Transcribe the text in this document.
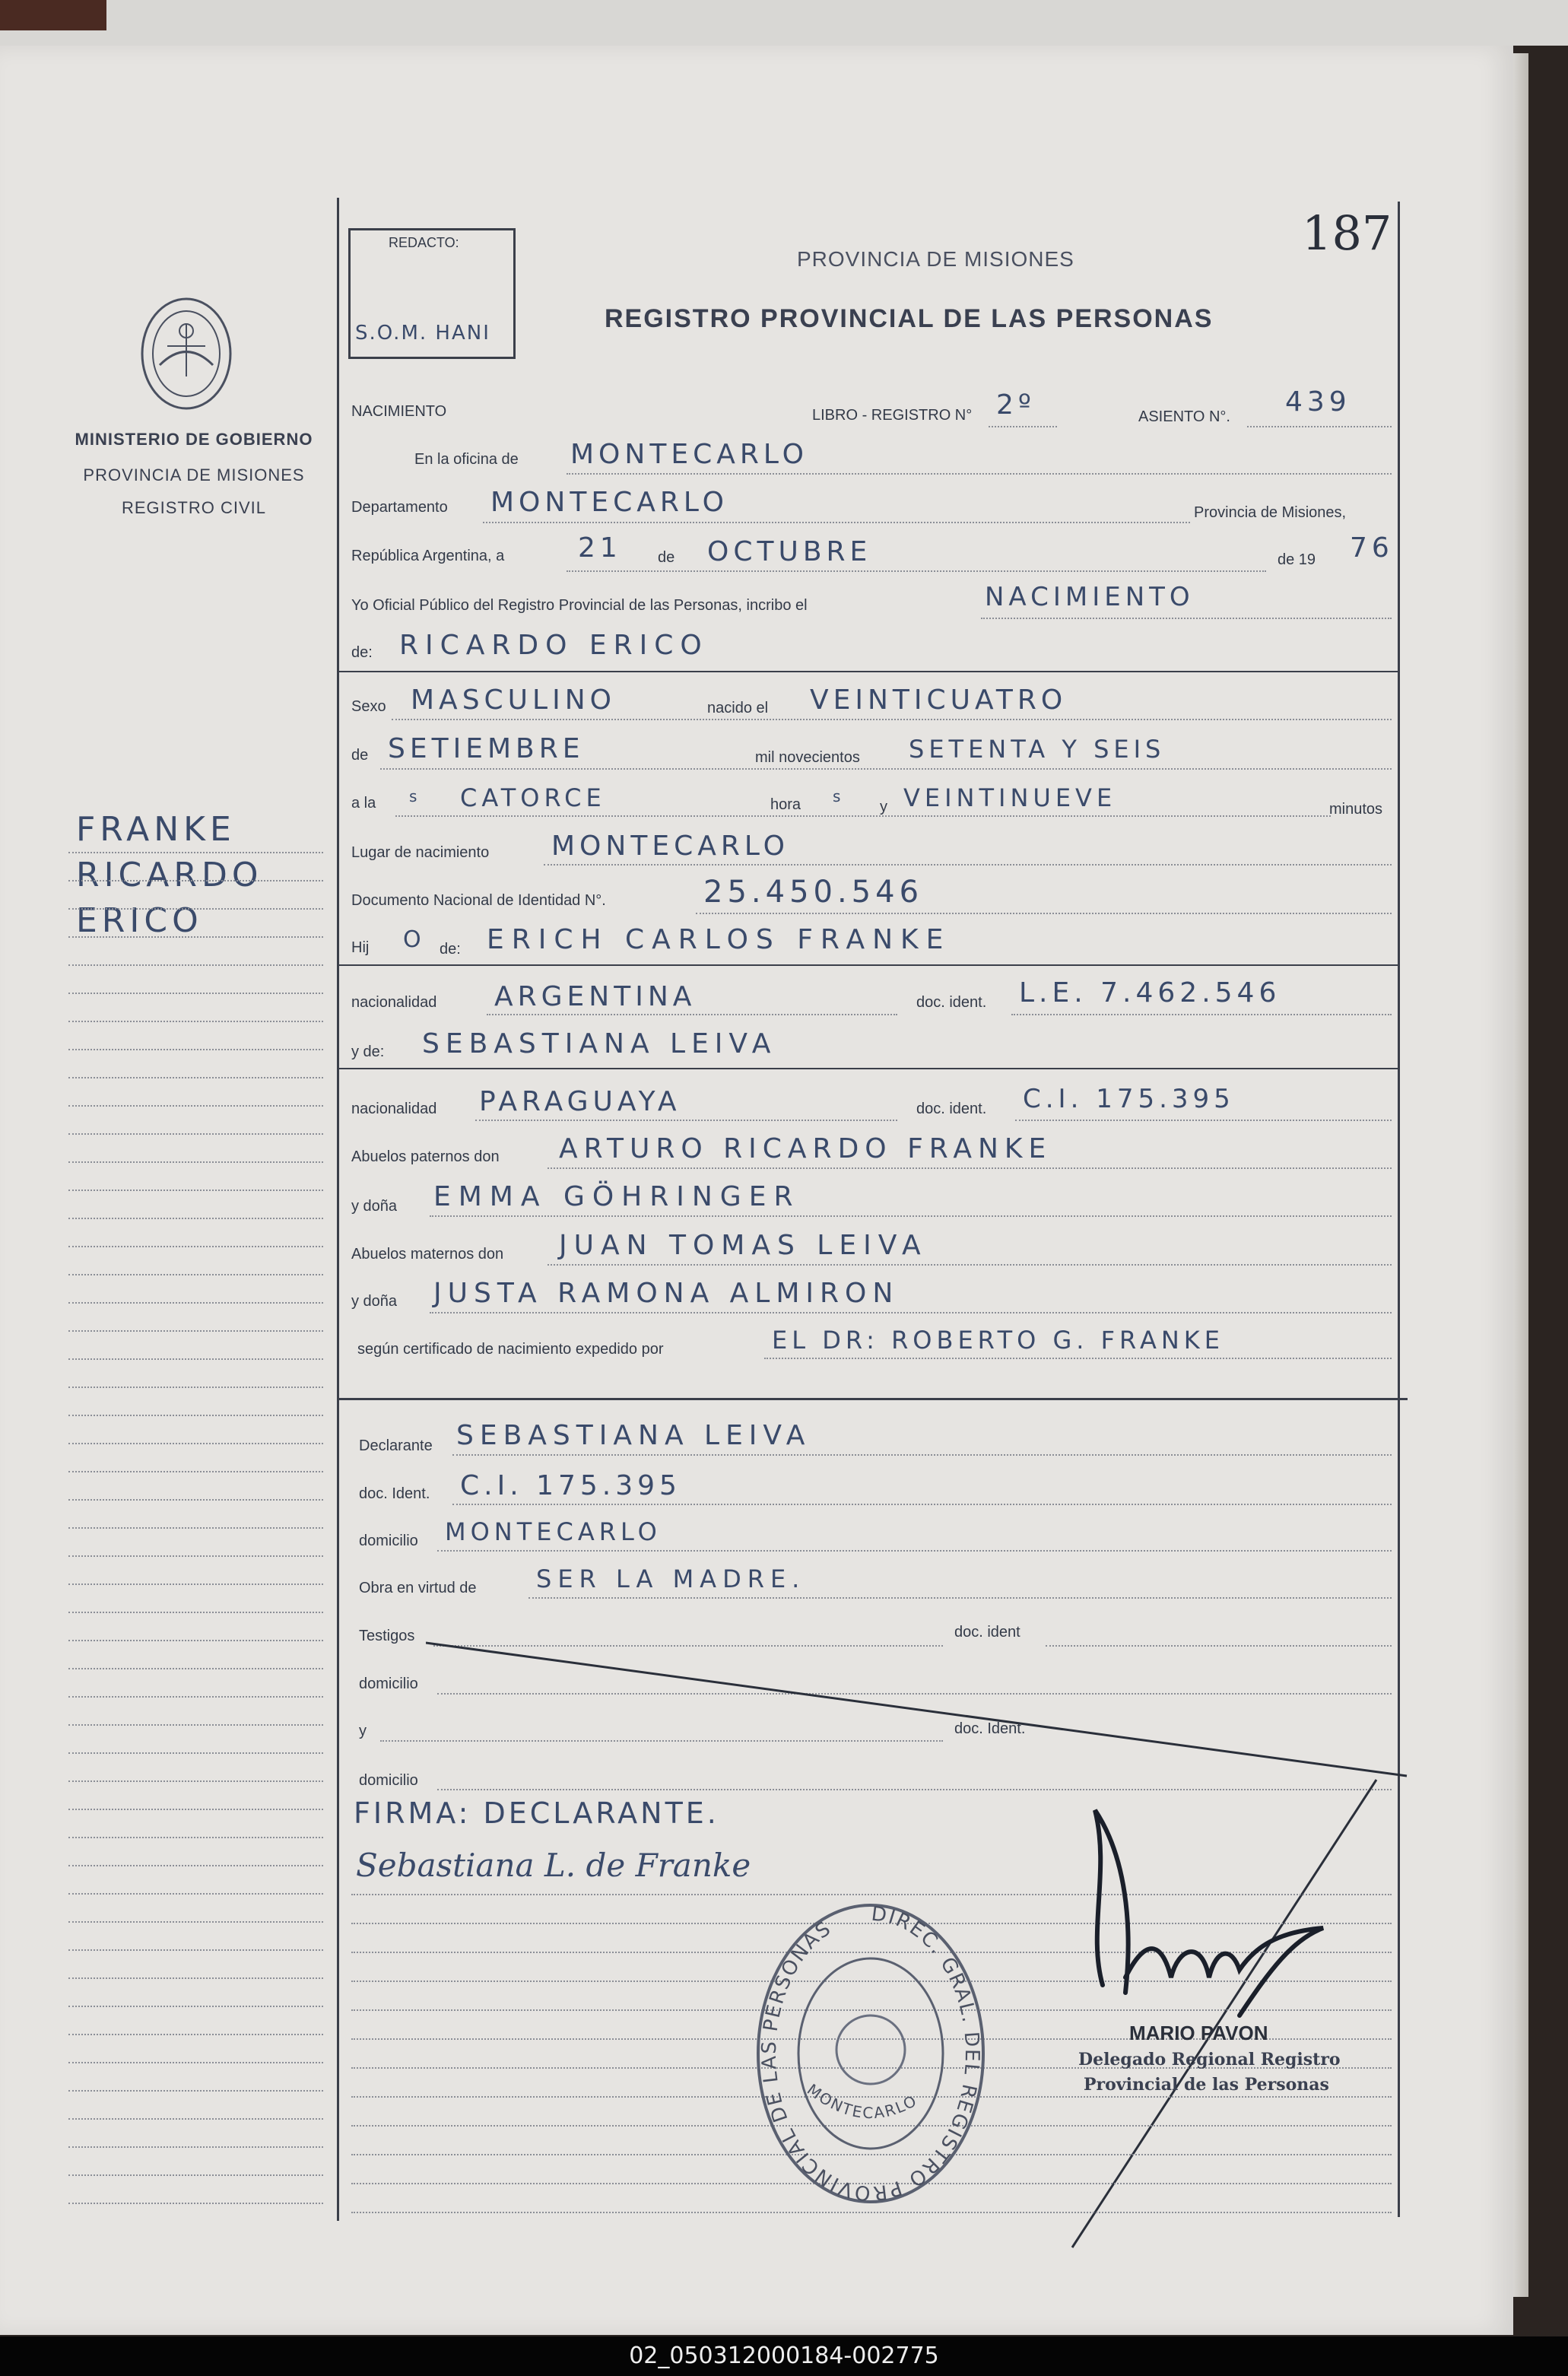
MINISTERIO DE GOBIERNO
PROVINCIA DE MISIONES
REGISTRO CIVIL
FRANKE
RICARDO
ERICO
REDACTO:
S.O.M. HANI
PROVINCIA DE MISIONES
REGISTRO PROVINCIAL DE LAS PERSONAS
187
NACIMIENTO	LIBRO - REGISTRO N° 2º	ASIENTO N°. 439
En la oficina de MONTECARLO
Departamento MONTECARLO	Provincia de Misiones,
República Argentina, a	21 de OCTUBRE	de 19 76
Yo Oficial Público del Registro Provincial de las Personas, incribo el	NACIMIENTO
de: RICARDO ERICO
Sexo MASCULINO	nacido el VEINTICUATRO
de SETIEMBRE	mil novecientos SETENTA Y SEIS
a la s CATORCE	hora s
y VEINTINUEVE	minutos
Lugar de nacimiento MONTECARLO
Documento Nacional de Identidad N°.	25.450.546
Hij O de: ERICH CARLOS FRANKE
nacionalidad ARGENTINA	doc. ident. L.E. 7.462.546
y de: SEBASTIANA LEIVA
nacionalidad PARAGUAYA	doc. ident. C.I. 175.395
Abuelos paternos don ARTURO RICARDO FRANKE
y doña EMMA GÖHRINGER
Abuelos maternos don JUAN TOMAS LEIVA
y doña JUSTA RAMONA ALMIRON
según certificado de nacimiento expedido por	EL DR: ROBERTO G. FRANKE
Declarante SEBASTIANA LEIVA
doc. Ident. C.I. 175.395
domicilio MONTECARLO
Obra en virtud de SER LA MADRE.
Testigos	doc. ident
domicilio
y	doc. Ident.
domicilio
FIRMA: DECLARANTE.
Sebastiana L. de Franke
MARIO PAVON
Delegado Regional Registro
Provincial de las Personas
DIREC. GRAL. DEL REGISTRO PROVINCIAL DE LAS PERSONAS
MONTECARLO
02_050312000184-002775
